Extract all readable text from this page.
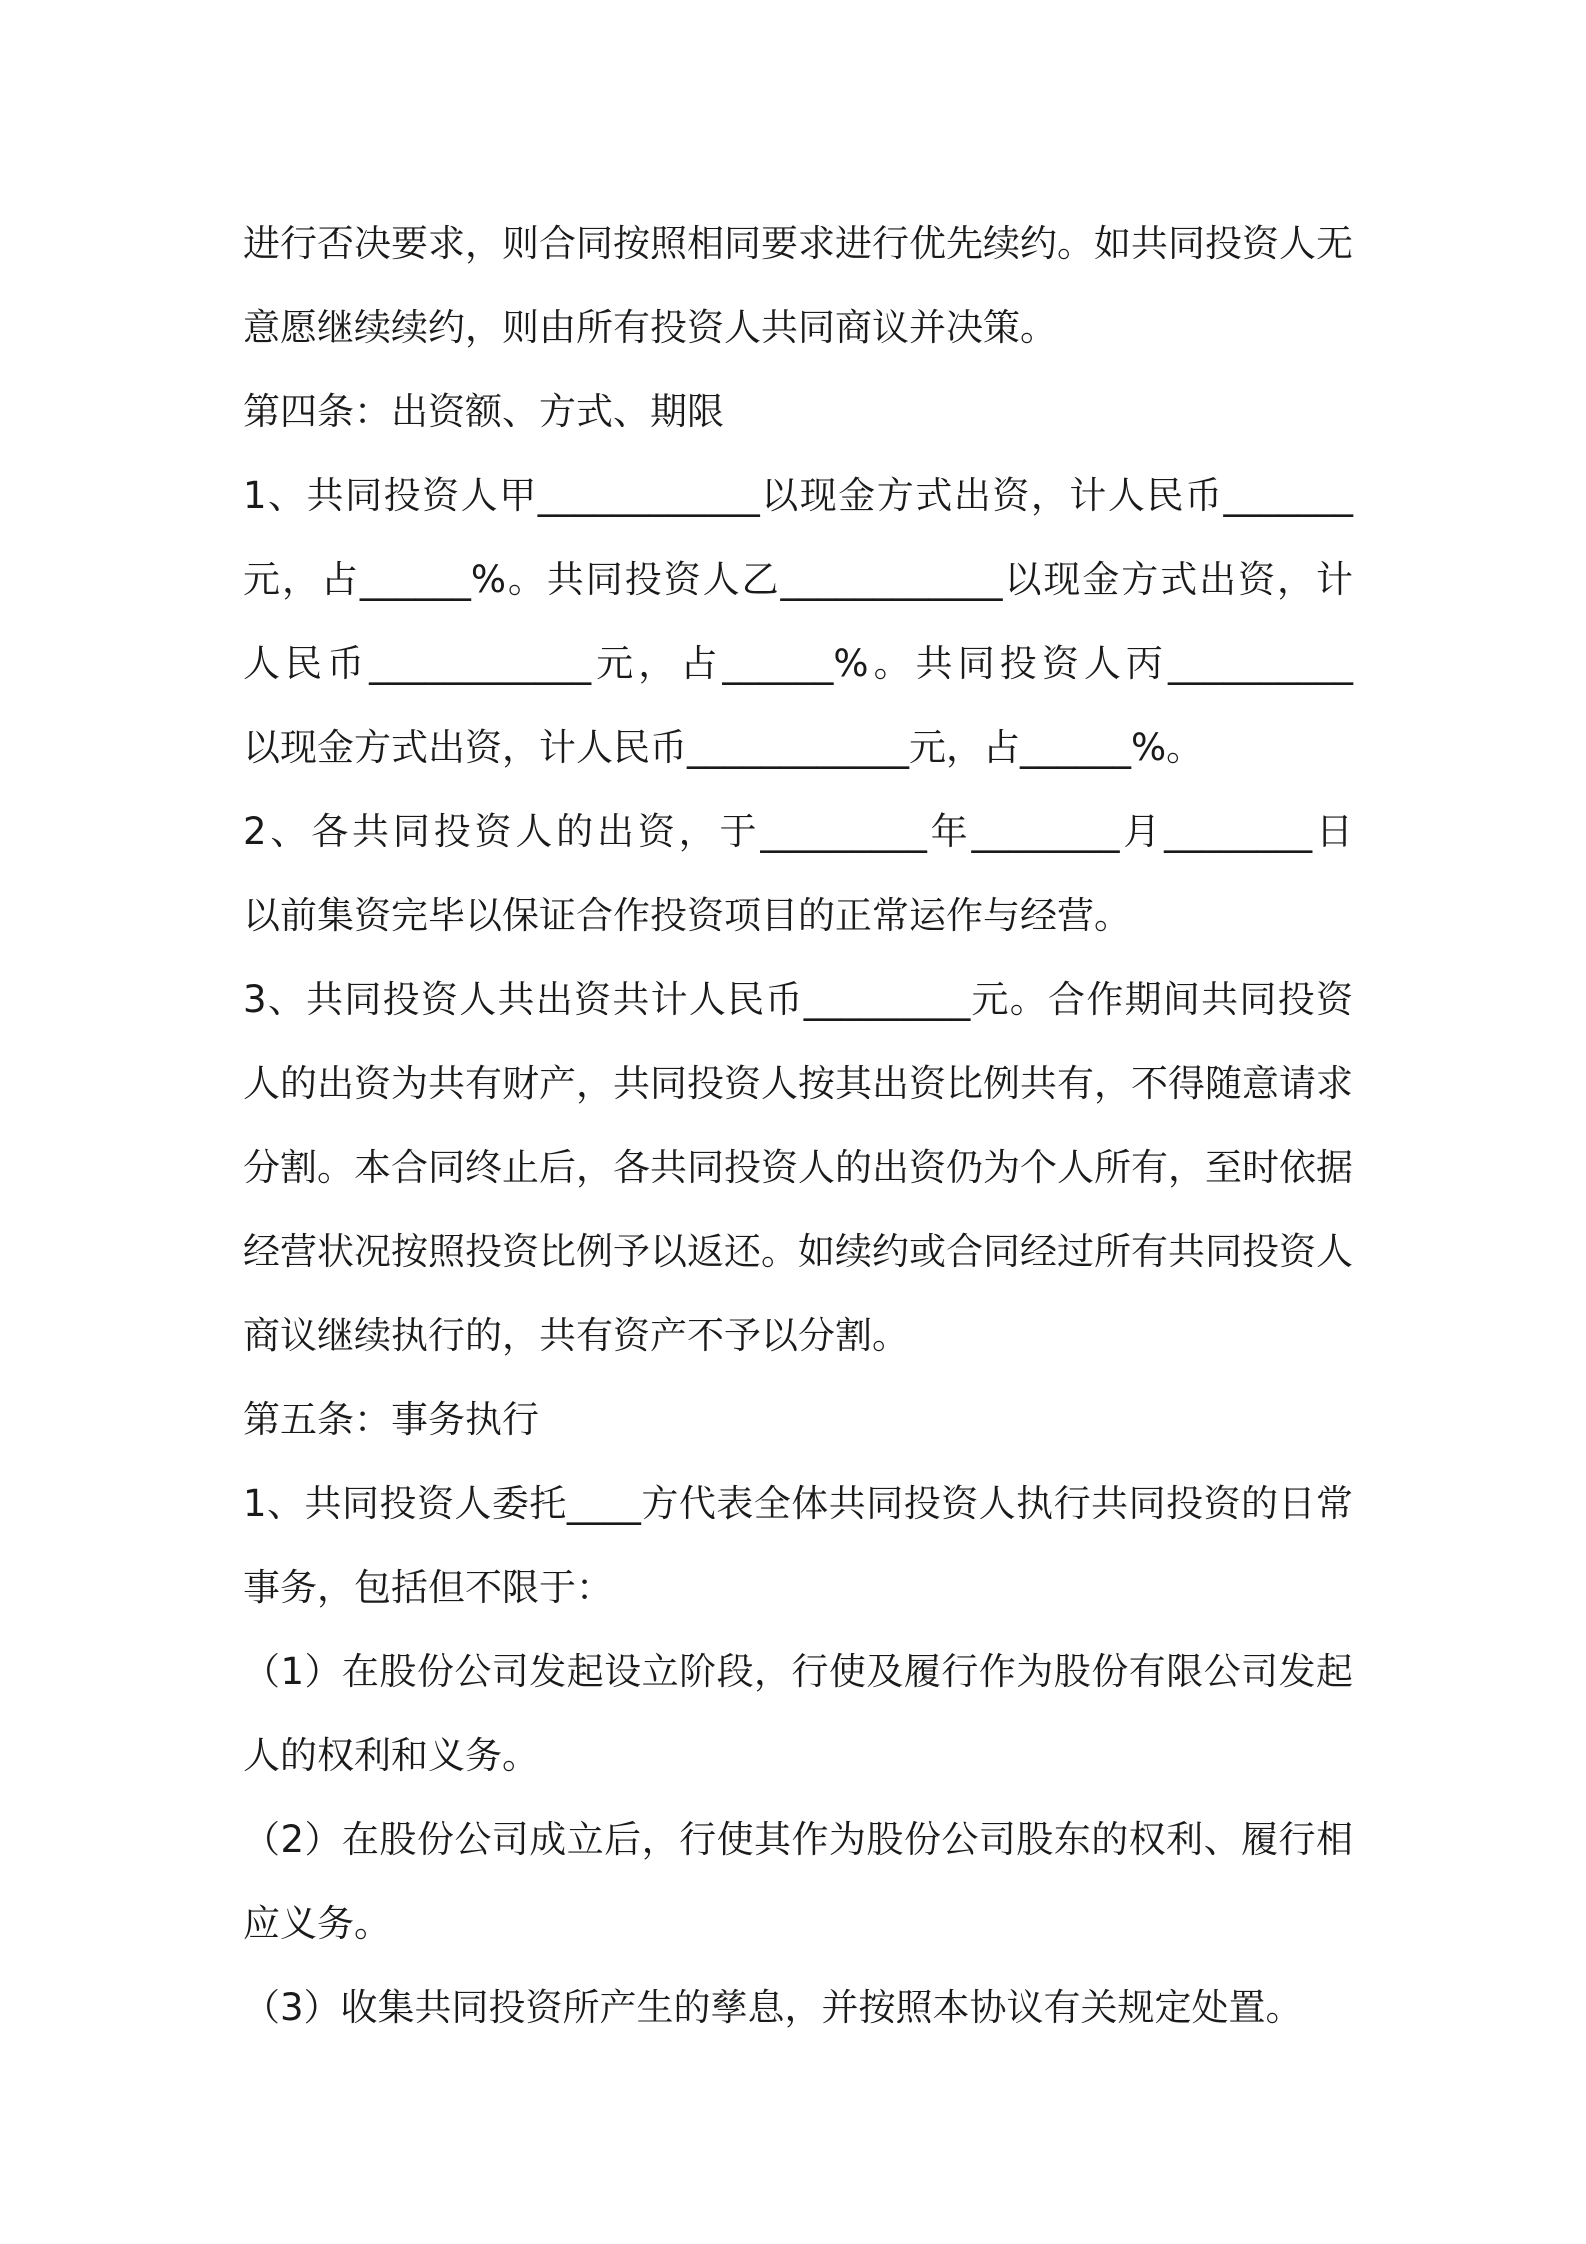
进行否决要求，则合同按照相同要求进行优先续约。如共同投资人无
意愿继续续约，则由所有投资人共同商议并决策。
第四条：出资额、方式、期限
1、共同投资人甲____________以现金方式出资，计人民币_______
元，占______%。共同投资人乙____________以现金方式出资，计
人民币____________元，占______%。共同投资人丙__________
以现金方式出资，计人民币____________元，占______%。
2、各共同投资人的出资，于_________年________月________日
以前集资完毕以保证合作投资项目的正常运作与经营。
3、共同投资人共出资共计人民币_________元。合作期间共同投资
人的出资为共有财产，共同投资人按其出资比例共有，不得随意请求
分割。本合同终止后，各共同投资人的出资仍为个人所有，至时依据
经营状况按照投资比例予以返还。如续约或合同经过所有共同投资人
商议继续执行的，共有资产不予以分割。
第五条：事务执行
1、共同投资人委托____方代表全体共同投资人执行共同投资的日常
事务，包括但不限于：
（1）在股份公司发起设立阶段，行使及履行作为股份有限公司发起
人的权利和义务。
（2）在股份公司成立后，行使其作为股份公司股东的权利、履行相
应义务。
（3）收集共同投资所产生的孳息，并按照本协议有关规定处置。
